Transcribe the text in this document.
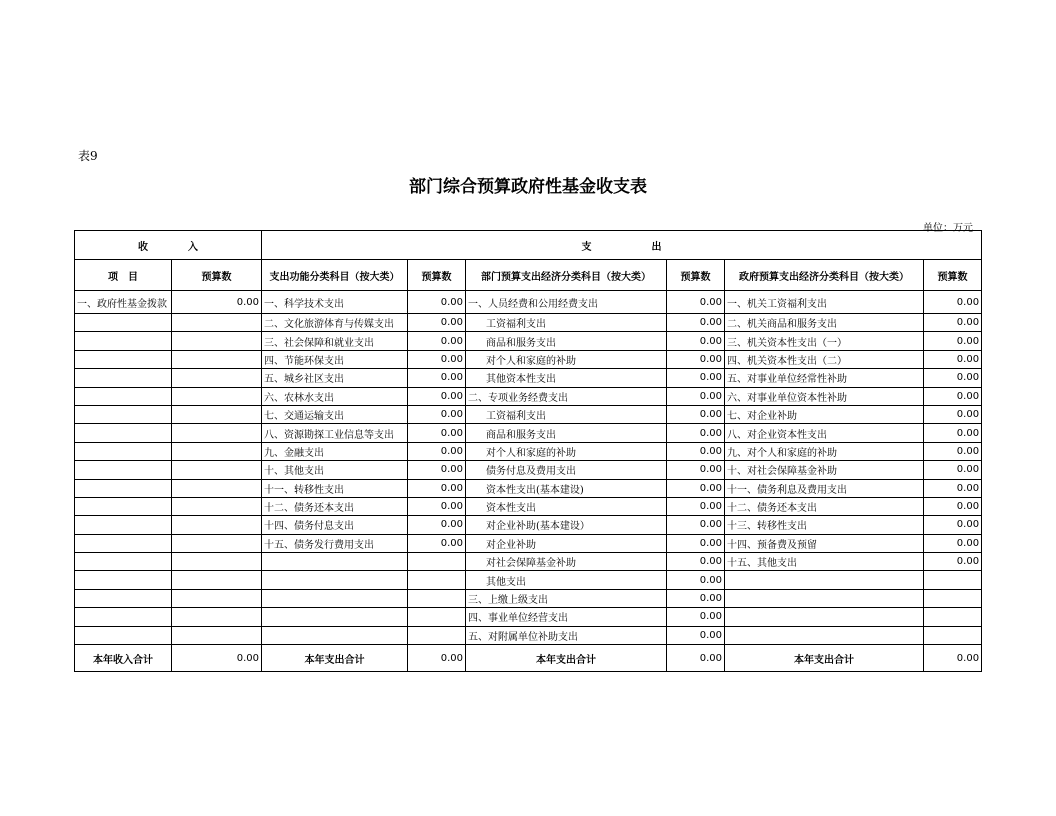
表9
部门综合预算政府性基金收支表
单位：万元
收　　　　入		支　　　　　　出					
项　目	预算数	支出功能分类科目（按大类）	预算数	部门预算支出经济分类科目（按大类）	预算数	政府预算支出经济分类科目（按大类）	预算数
一、政府性基金拨款	0.00	一、科学技术支出	0.00	一、人员经费和公用经费支出	0.00	一、机关工资福利支出	0.00
		二、文化旅游体育与传媒支出	0.00	工资福利支出	0.00	二、机关商品和服务支出	0.00
		三、社会保障和就业支出	0.00	商品和服务支出	0.00	三、机关资本性支出（一）	0.00
		四、节能环保支出	0.00	对个人和家庭的补助	0.00	四、机关资本性支出（二）	0.00
		五、城乡社区支出	0.00	其他资本性支出	0.00	五、对事业单位经常性补助	0.00
		六、农林水支出	0.00	二、专项业务经费支出	0.00	六、对事业单位资本性补助	0.00
		七、交通运输支出	0.00	工资福利支出	0.00	七、对企业补助	0.00
		八、资源勘探工业信息等支出	0.00	商品和服务支出	0.00	八、对企业资本性支出	0.00
		九、金融支出	0.00	对个人和家庭的补助	0.00	九、对个人和家庭的补助	0.00
		十、其他支出	0.00	债务付息及费用支出	0.00	十、对社会保障基金补助	0.00
		十一、转移性支出	0.00	资本性支出(基本建设)	0.00	十一、债务利息及费用支出	0.00
		十二、债务还本支出	0.00	资本性支出	0.00	十二、债务还本支出	0.00
		十四、债务付息支出	0.00	对企业补助(基本建设）	0.00	十三、转移性支出	0.00
		十五、债务发行费用支出	0.00	对企业补助	0.00	十四、预备费及预留	0.00
				对社会保障基金补助	0.00	十五、其他支出	0.00
				其他支出	0.00		
				三、上缴上级支出	0.00		
				四、事业单位经营支出	0.00		
				五、对附属单位补助支出	0.00		
本年收入合计	0.00	本年支出合计	0.00	本年支出合计	0.00	本年支出合计	0.00
